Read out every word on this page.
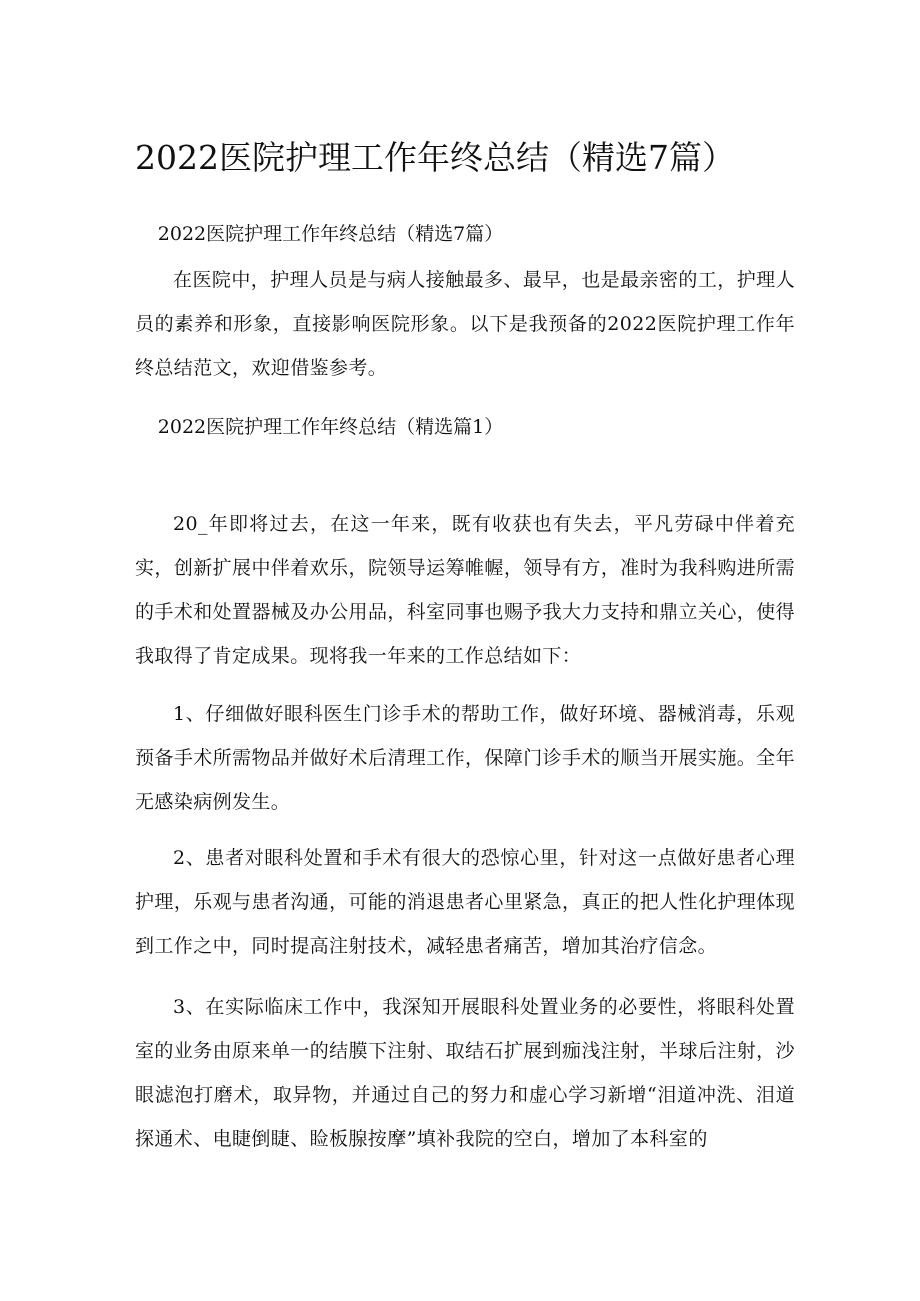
2022医院护理工作年终总结（精选7篇）

2022医院护理工作年终总结（精选7篇）

在医院中，护理人员是与病人接触最多、最早，也是最亲密的工，护理人员的素养和形象，直接影响医院形象。以下是我预备的2022医院护理工作年终总结范文，欢迎借鉴参考。

2022医院护理工作年终总结（精选篇1）

20_年即将过去，在这一年来，既有收获也有失去，平凡劳碌中伴着充实，创新扩展中伴着欢乐，院领导运筹帷幄，领导有方，准时为我科购进所需的手术和处置器械及办公用品，科室同事也赐予我大力支持和鼎立关心，使得我取得了肯定成果。现将我一年来的工作总结如下：

1、仔细做好眼科医生门诊手术的帮助工作，做好环境、器械消毒，乐观预备手术所需物品并做好术后清理工作，保障门诊手术的顺当开展实施。全年无感染病例发生。

2、患者对眼科处置和手术有很大的恐惊心里，针对这一点做好患者心理护理，乐观与患者沟通，可能的消退患者心里紧急，真正的把人性化护理体现到工作之中，同时提高注射技术，减轻患者痛苦，增加其治疗信念。

3、在实际临床工作中，我深知开展眼科处置业务的必要性，将眼科处置室的业务由原来单一的结膜下注射、取结石扩展到痂浅注射，半球后注射，沙眼滤泡打磨术，取异物，并通过自己的努力和虚心学习新增“泪道冲洗、泪道探通术、电睫倒睫、睑板腺按摩”填补我院的空白，增加了本科室的
